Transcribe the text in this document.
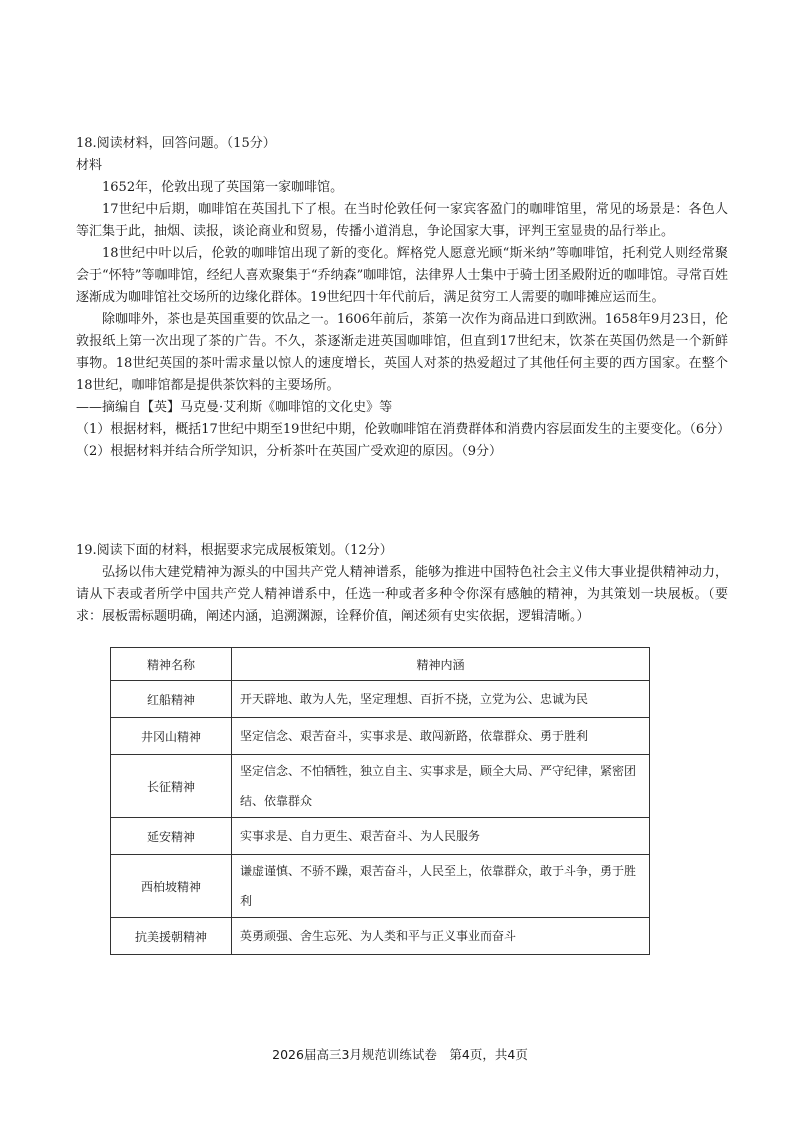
18.阅读材料，回答问题。（15分）

材料

1652年，伦敦出现了英国第一家咖啡馆。

17世纪中后期，咖啡馆在英国扎下了根。在当时伦敦任何一家宾客盈门的咖啡馆里，常见的场景是：各色人等汇集于此，抽烟、读报，谈论商业和贸易，传播小道消息，争论国家大事，评判王室显贵的品行举止。

18世纪中叶以后，伦敦的咖啡馆出现了新的变化。辉格党人愿意光顾“斯米纳”等咖啡馆，托利党人则经常聚会于“怀特”等咖啡馆，经纪人喜欢聚集于“乔纳森”咖啡馆，法律界人士集中于骑士团圣殿附近的咖啡馆。寻常百姓逐渐成为咖啡馆社交场所的边缘化群体。19世纪四十年代前后，满足贫穷工人需要的咖啡摊应运而生。

除咖啡外，茶也是英国重要的饮品之一。1606年前后，茶第一次作为商品进口到欧洲。1658年9月23日，伦敦报纸上第一次出现了茶的广告。不久，茶逐渐走进英国咖啡馆，但直到17世纪末，饮茶在英国仍然是一个新鲜事物。18世纪英国的茶叶需求量以惊人的速度增长，英国人对茶的热爱超过了其他任何主要的西方国家。在整个18世纪，咖啡馆都是提供茶饮料的主要场所。

——摘编自【英】马克曼·艾利斯《咖啡馆的文化史》等

（1）根据材料，概括17世纪中期至19世纪中期，伦敦咖啡馆在消费群体和消费内容层面发生的主要变化。（6分）

（2）根据材料并结合所学知识，分析茶叶在英国广受欢迎的原因。（9分）

19.阅读下面的材料，根据要求完成展板策划。（12分）

弘扬以伟大建党精神为源头的中国共产党人精神谱系，能够为推进中国特色社会主义伟大事业提供精神动力，请从下表或者所学中国共产党人精神谱系中，任选一种或者多种令你深有感触的精神，为其策划一块展板。（要求：展板需标题明确，阐述内涵，追溯渊源，诠释价值，阐述须有史实依据，逻辑清晰。）

精神名称	精神内涵
红船精神	开天辟地、敢为人先，坚定理想、百折不挠，立党为公、忠诚为民
井冈山精神	坚定信念、艰苦奋斗，实事求是、敢闯新路，依靠群众、勇于胜利
长征精神	坚定信念、不怕牺牲，独立自主、实事求是，顾全大局、严守纪律，紧密团结、依靠群众
延安精神	实事求是、自力更生、艰苦奋斗、为人民服务
西柏坡精神	谦虚谨慎、不骄不躁，艰苦奋斗，人民至上，依靠群众，敢于斗争，勇于胜利
抗美援朝精神	英勇顽强、舍生忘死、为人类和平与正义事业而奋斗
2026届高三3月规范训练试卷　第4页，共4页
